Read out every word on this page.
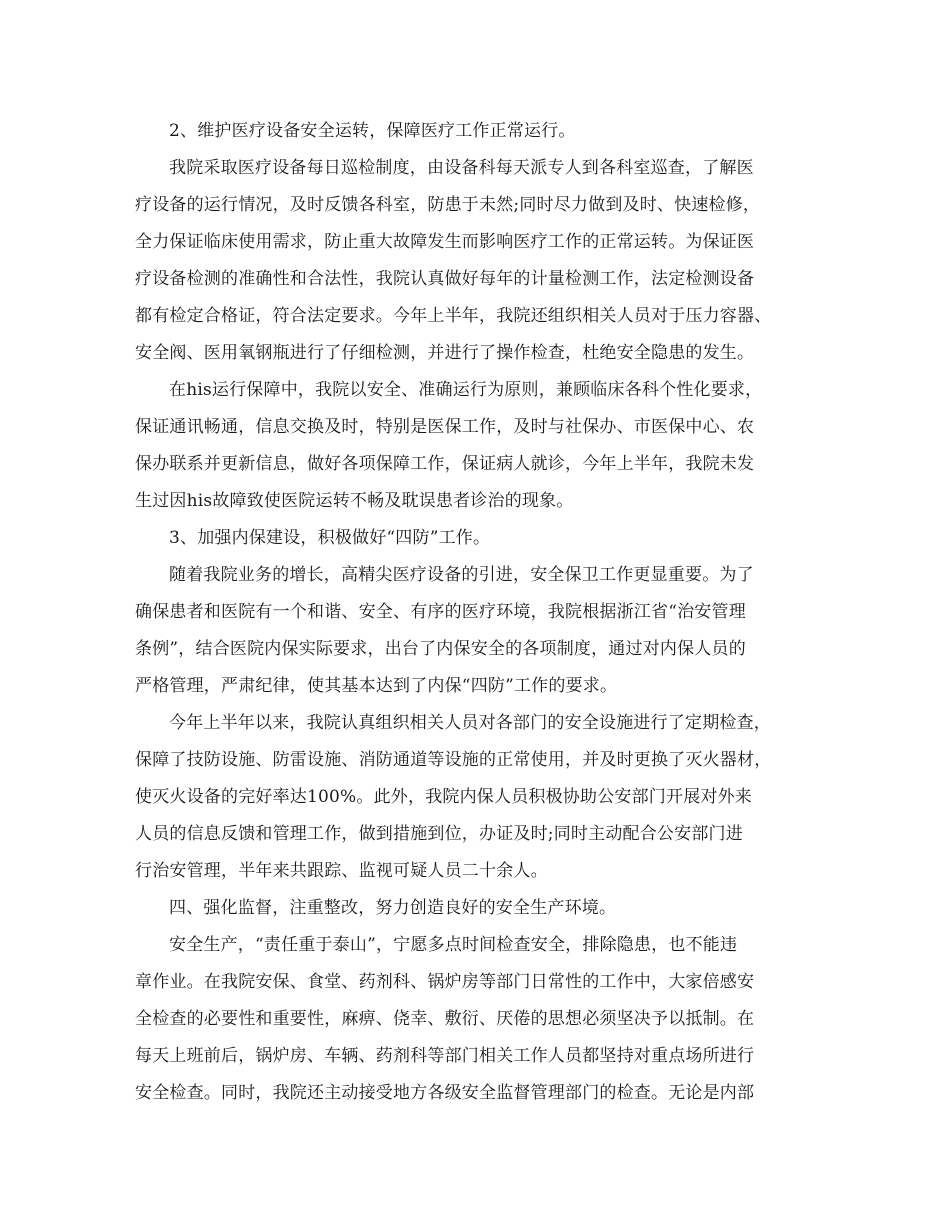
2、维护医疗设备安全运转，保障医疗工作正常运行。
我院采取医疗设备每日巡检制度，由设备科每天派专人到各科室巡查，了解医
疗设备的运行情况，及时反馈各科室，防患于未然;同时尽力做到及时、快速检修，
全力保证临床使用需求，防止重大故障发生而影响医疗工作的正常运转。为保证医
疗设备检测的准确性和合法性，我院认真做好每年的计量检测工作，法定检测设备
都有检定合格证，符合法定要求。今年上半年，我院还组织相关人员对于压力容器、
安全阀、医用氧钢瓶进行了仔细检测，并进行了操作检查，杜绝安全隐患的发生。
在his运行保障中，我院以安全、准确运行为原则，兼顾临床各科个性化要求，
保证通讯畅通，信息交换及时，特别是医保工作，及时与社保办、市医保中心、农
保办联系并更新信息，做好各项保障工作，保证病人就诊，今年上半年，我院未发
生过因his故障致使医院运转不畅及耽误患者诊治的现象。
3、加强内保建设，积极做好“四防”工作。
随着我院业务的增长，高精尖医疗设备的引进，安全保卫工作更显重要。为了
确保患者和医院有一个和谐、安全、有序的医疗环境，我院根据浙江省“治安管理
条例”，结合医院内保实际要求，出台了内保安全的各项制度，通过对内保人员的
严格管理，严肃纪律，使其基本达到了内保“四防”工作的要求。
今年上半年以来，我院认真组织相关人员对各部门的安全设施进行了定期检查，
保障了技防设施、防雷设施、消防通道等设施的正常使用，并及时更换了灭火器材，
使灭火设备的完好率达100%。此外，我院内保人员积极协助公安部门开展对外来
人员的信息反馈和管理工作，做到措施到位，办证及时;同时主动配合公安部门进
行治安管理，半年来共跟踪、监视可疑人员二十余人。
四、强化监督，注重整改，努力创造良好的安全生产环境。
安全生产，“责任重于泰山”，宁愿多点时间检查安全，排除隐患，也不能违
章作业。在我院安保、食堂、药剂科、锅炉房等部门日常性的工作中，大家倍感安
全检查的必要性和重要性，麻痹、侥幸、敷衍、厌倦的思想必须坚决予以抵制。在
每天上班前后，锅炉房、车辆、药剂科等部门相关工作人员都坚持对重点场所进行
安全检查。同时，我院还主动接受地方各级安全监督管理部门的检查。无论是内部
